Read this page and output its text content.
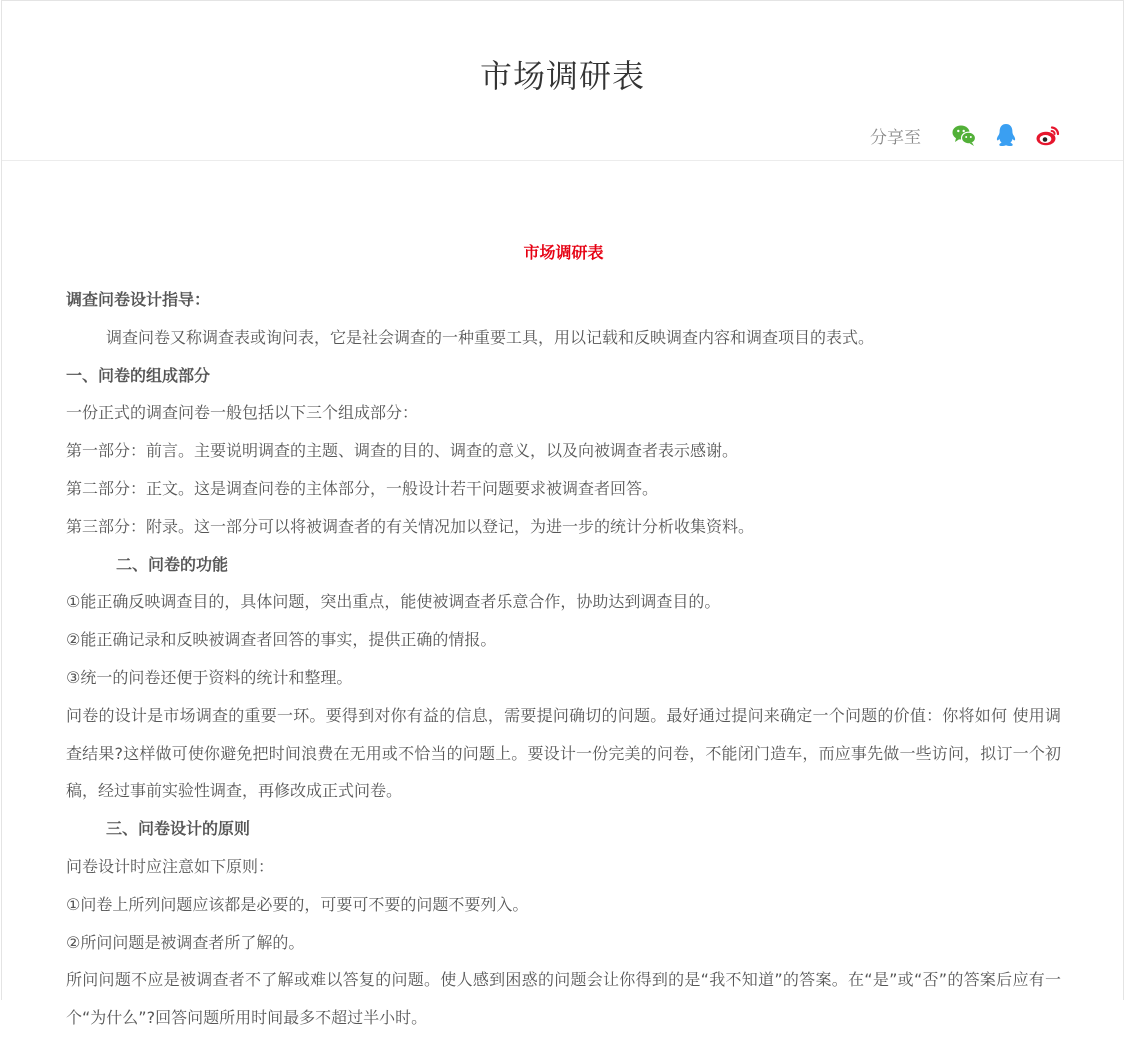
市场调研表
分享至
市场调研表

调查问卷设计指导：

调查问卷又称调查表或询问表，它是社会调查的一种重要工具，用以记载和反映调查内容和调查项目的表式。

一、问卷的组成部分

一份正式的调查问卷一般包括以下三个组成部分：

第一部分：前言。主要说明调查的主题、调查的目的、调查的意义，以及向被调查者表示感谢。

第二部分：正文。这是调查问卷的主体部分，一般设计若干问题要求被调查者回答。

第三部分：附录。这一部分可以将被调查者的有关情况加以登记，为进一步的统计分析收集资料。

二、问卷的功能

①能正确反映调查目的，具体问题，突出重点，能使被调查者乐意合作，协助达到调查目的。

②能正确记录和反映被调查者回答的事实，提供正确的情报。

③统一的问卷还便于资料的统计和整理。

问卷的设计是市场调查的重要一环。要得到对你有益的信息，需要提问确切的问题。最好通过提问来确定一个问题的价值：你将如何 使用调查结果?这样做可使你避免把时间浪费在无用或不恰当的问题上。要设计一份完美的问卷，不能闭门造车，而应事先做一些访问，拟订一个初稿，经过事前实验性调查，再修改成正式问卷。

三、问卷设计的原则

问卷设计时应注意如下原则：

①问卷上所列问题应该都是必要的，可要可不要的问题不要列入。

②所问问题是被调查者所了解的。

所问问题不应是被调查者不了解或难以答复的问题。使人感到困惑的问题会让你得到的是“我不知道”的答案。在“是”或“否”的答案后应有一个“为什么”?回答问题所用时间最多不超过半小时。
